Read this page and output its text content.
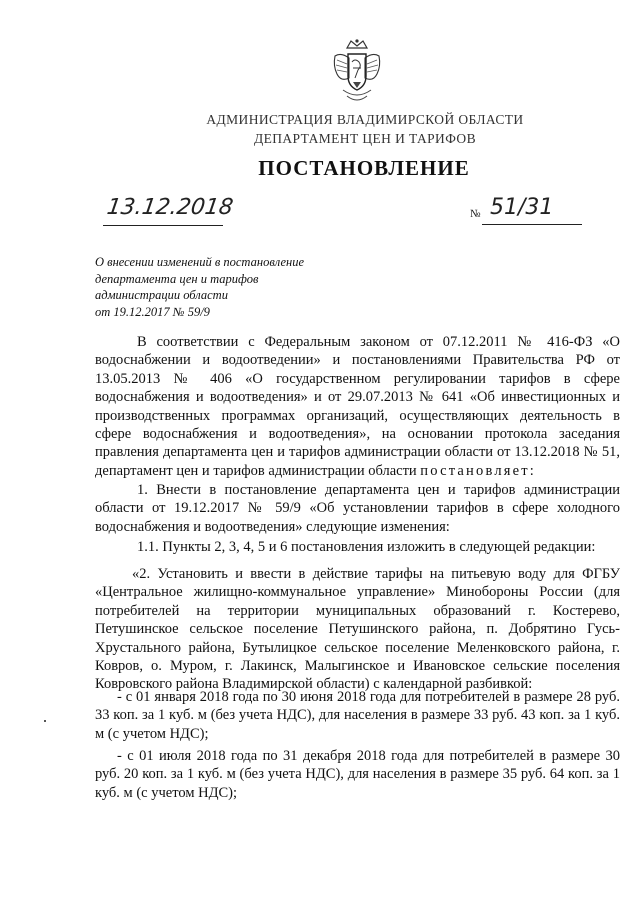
АДМИНИСТРАЦИЯ ВЛАДИМИРСКОЙ ОБЛАСТИ
ДЕПАРТАМЕНТ ЦЕН И ТАРИФОВ
ПОСТАНОВЛЕНИЕ
13.12.2018	№ 51/31
О внесении изменений в постановление
департамента цен и тарифов
администрации области
от 19.12.2017 № 59/9
В соответствии с Федеральным законом от 07.12.2011 № 416-ФЗ «О водоснабжении и водоотведении» и постановлениями Правительства РФ от 13.05.2013 № 406 «О государственном регулировании тарифов в сфере водоснабжения и водоотведения» и от 29.07.2013 № 641 «Об инвестиционных и производственных программах организаций, осуществляющих деятельность в сфере водоснабжения и водоотведения», на основании протокола заседания правления департамента цен и тарифов администрации области от 13.12.2018 № 51, департамент цен и тарифов администрации области постановляет:
1. Внести в постановление департамента цен и тарифов администрации области от 19.12.2017 № 59/9 «Об установлении тарифов в сфере холодного водоснабжения и водоотведения» следующие изменения:
1.1. Пункты 2, 3, 4, 5 и 6 постановления изложить в следующей редакции:
«2. Установить и ввести в действие тарифы на питьевую воду для ФГБУ «Центральное жилищно-коммунальное управление» Минобороны России (для потребителей на территории муниципальных образований г. Костерево, Петушинское сельское поселение Петушинского района, п. Добрятино Гусь-Хрустального района, Бутылицкое сельское поселение Меленковского района, г. Ковров, о. Муром, г. Лакинск, Малыгинское и Ивановское сельские поселения Ковровского района Владимирской области) с календарной разбивкой:
- с 01 января 2018 года по 30 июня 2018 года для потребителей в размере 28 руб. 33 коп. за 1 куб. м (без учета НДС), для населения в размере 33 руб. 43 коп. за 1 куб. м (с учетом НДС);
- с 01 июля 2018 года по 31 декабря 2018 года для потребителей в размере 30 руб. 20 коп. за 1 куб. м (без учета НДС), для населения в размере 35 руб. 64 коп. за 1 куб. м (с учетом НДС);
